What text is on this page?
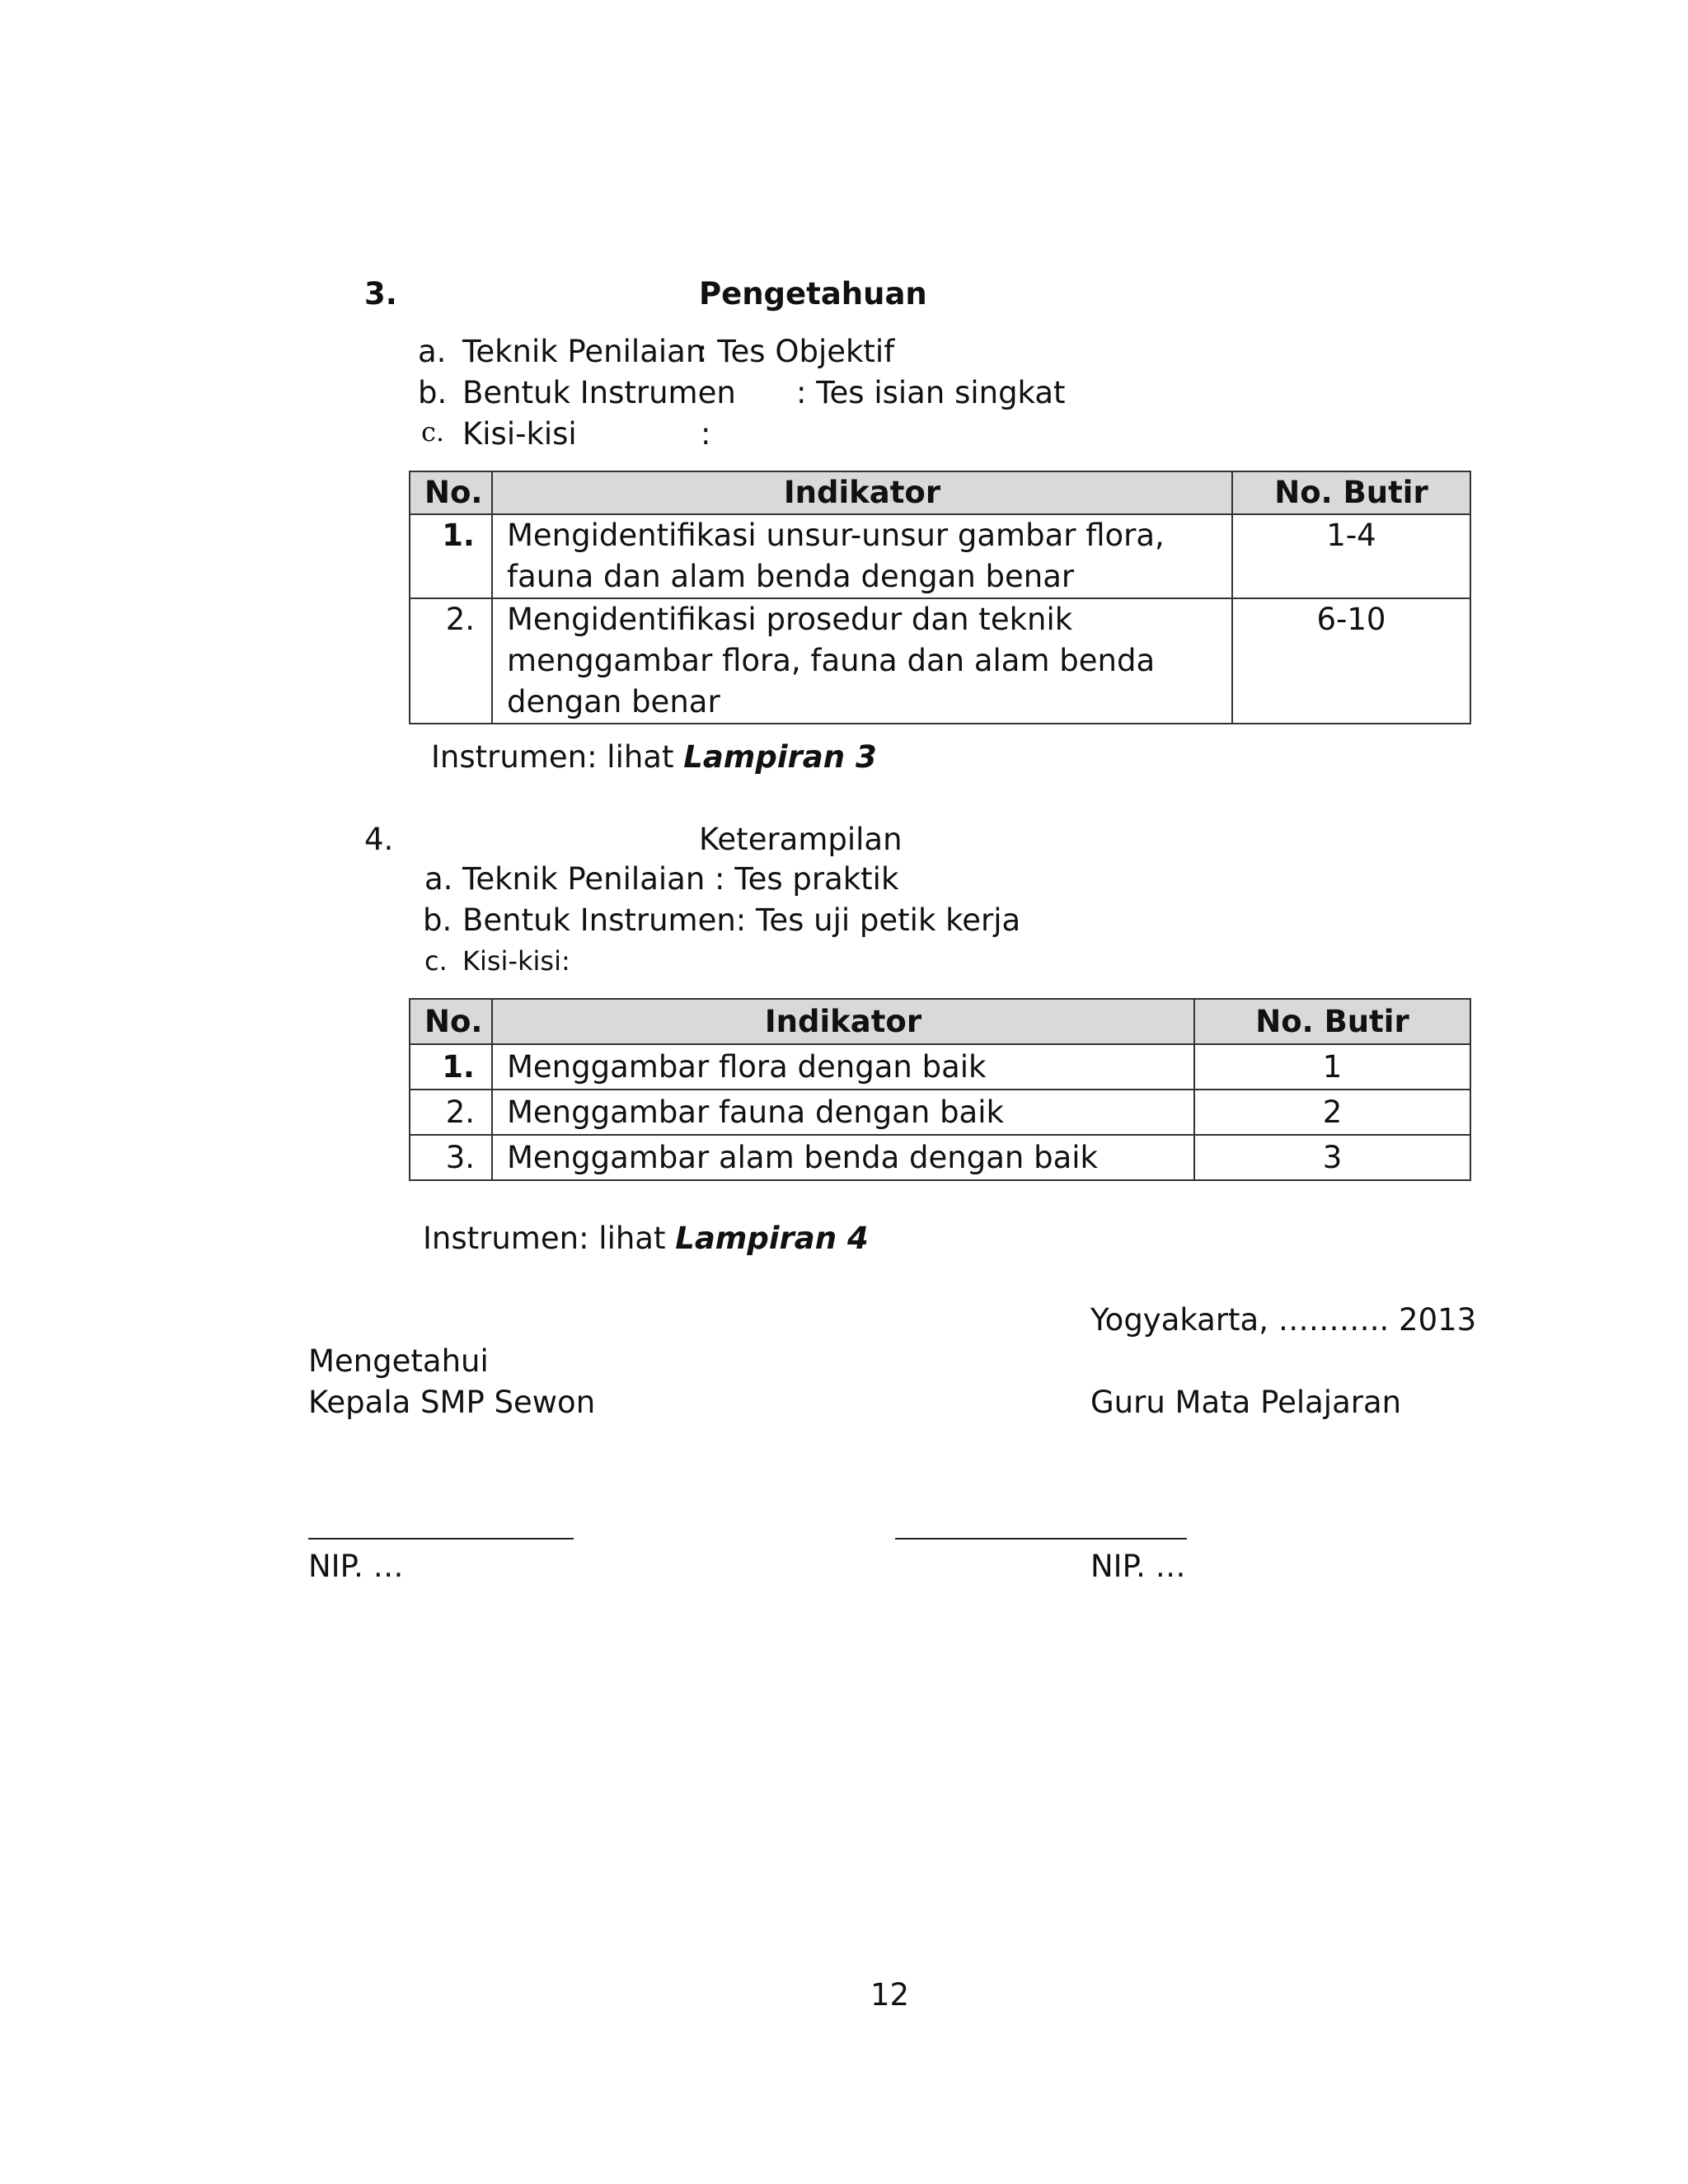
3.	Pengetahuan
a. Teknik Penilaian
: Tes Objektif
b. Bentuk Instrumen : Tes isian singkat
c. Kisi-kisi	:
No.	Indikator	No. Butir
1.	Mengidentifikasi unsur-unsur gambar flora, fauna dan alam benda dengan benar	1-4
2.	Mengidentifikasi prosedur dan teknik menggambar flora, fauna dan alam benda dengan benar	6-10
Instrumen: lihat Lampiran 3
4.	Keterampilan
a. Teknik Penilaian : Tes praktik
b. Bentuk Instrumen: Tes uji petik kerja
c. Kisi-kisi:
No.	Indikator	No. Butir
1.	Menggambar flora dengan baik	1
2.	Menggambar fauna dengan baik	2
3.	Menggambar alam benda dengan baik	3
Instrumen: lihat Lampiran 4
Yogyakarta, ……….. 2013
Mengetahui
Kepala SMP Sewon	Guru Mata Pelajaran
NIP. …	NIP. …
12
